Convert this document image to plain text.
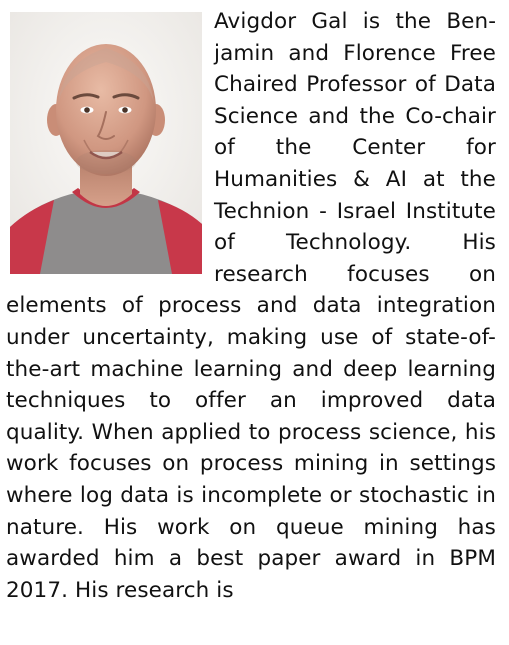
Avigdor Gal is the Benjamin and Florence Free Chaired Professor of Data Science and the Co-chair of the Center for Humanities & AI at the Technion - Israel Institute of Technology. His research focuses on elements of process and data integration under uncertainty, making use of state-of-the-art machine learning and deep learning techniques to offer an improved data quality. When applied to process science, his work focuses on process mining in settings where log data is incomplete or stochastic in nature. His work on queue mining has awarded him a best paper award in BPM 2017. His research is
